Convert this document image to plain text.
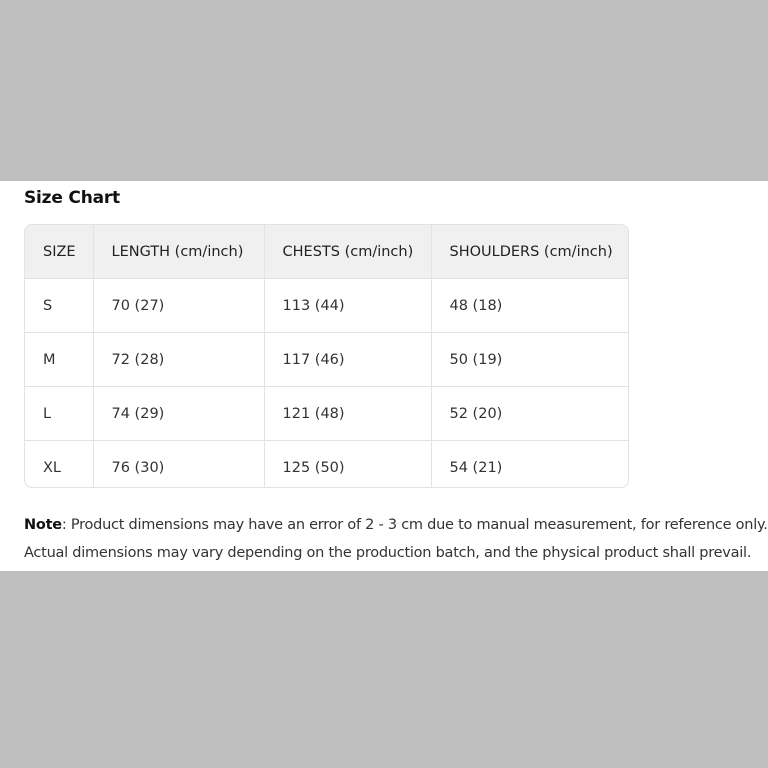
Size Chart
SIZE	LENGTH (cm/inch)	CHESTS (cm/inch)	SHOULDERS (cm/inch)
S	70 (27)	113 (44)	48 (18)
M	72 (28)	117 (46)	50 (19)
L	74 (29)	121 (48)	52 (20)
XL	76 (30)	125 (50)	54 (21)

Note: Product dimensions may have an error of 2 - 3 cm due to manual measurement, for reference only.
Actual dimensions may vary depending on the production batch, and the physical product shall prevail.
